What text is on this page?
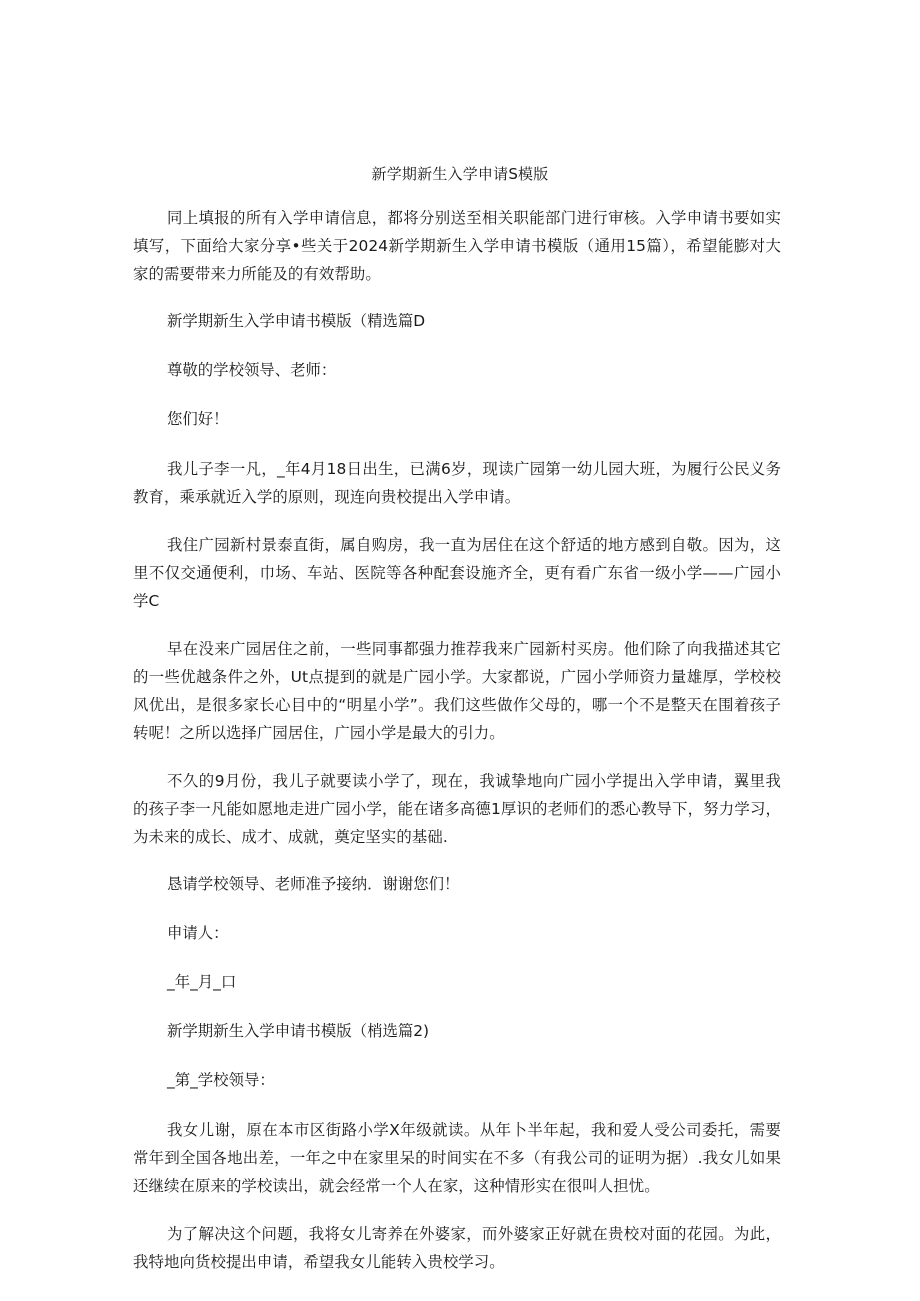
新学期新生入学申请S模版

同上填报的所有入学申请信息，都将分别送至相关职能部门进行审核。入学申请书要如实填写，下面给大家分享•些关于2024新学期新生入学申请书模版（通用15篇），希望能膨对大家的需要带来力所能及的有效帮助。

新学期新生入学申请书模版（精选篇D

尊敬的学校领导、老师：

您们好！

我儿子李一凡，_年4月18日出生，已满6岁，现读广园第一幼儿园大班，为履行公民义务教育，乘承就近入学的原则，现连向贵校提出入学申请。

我住广园新村景泰直街，属自购房，我一直为居住在这个舒适的地方感到自敬。因为，这里不仅交通便利，巾场、车站、医院等各种配套设施齐全，更有看广东省一级小学——广园小学C

早在没来广园居住之前，一些同事都强力推荐我来广园新村买房。他们除了向我描述其它的一些优越条件之外，Ut点提到的就是广园小学。大家都说，广园小学师资力量雄厚，学校校风优出，是很多家长心目中的“明星小学”。我们这些做作父母的，哪一个不是整天在围着孩子转呢！之所以选择广园居住，广园小学是最大的引力。

不久的9月份，我儿子就要读小学了，现在，我诚挚地向广园小学提出入学申请，翼里我的孩子李一凡能如愿地走进广园小学，能在诸多高德1厚识的老师们的悉心教导下，努力学习，为未来的成长、成才、成就，奠定坚实的基础.

恳请学校领导、老师准予接纳．谢谢您们！

申请人：

_年_月_口

新学期新生入学申请书模版（梢选篇2)

_第_学校领导：

我女儿谢，原在本市区街路小学X年级就读。从年卜半年起，我和爱人受公司委托，需要常年到全国各地出差，一年之中在家里呆的时间实在不多（有我公司的证明为据）.我女儿如果还继续在原来的学校读出，就会经常一个人在家，这种情形实在很叫人担忧。

为了解决这个问题，我将女儿寄养在外婆家，而外婆家正好就在贵校对面的花园。为此，我特地向货校提出申请，希望我女儿能转入贵校学习。
